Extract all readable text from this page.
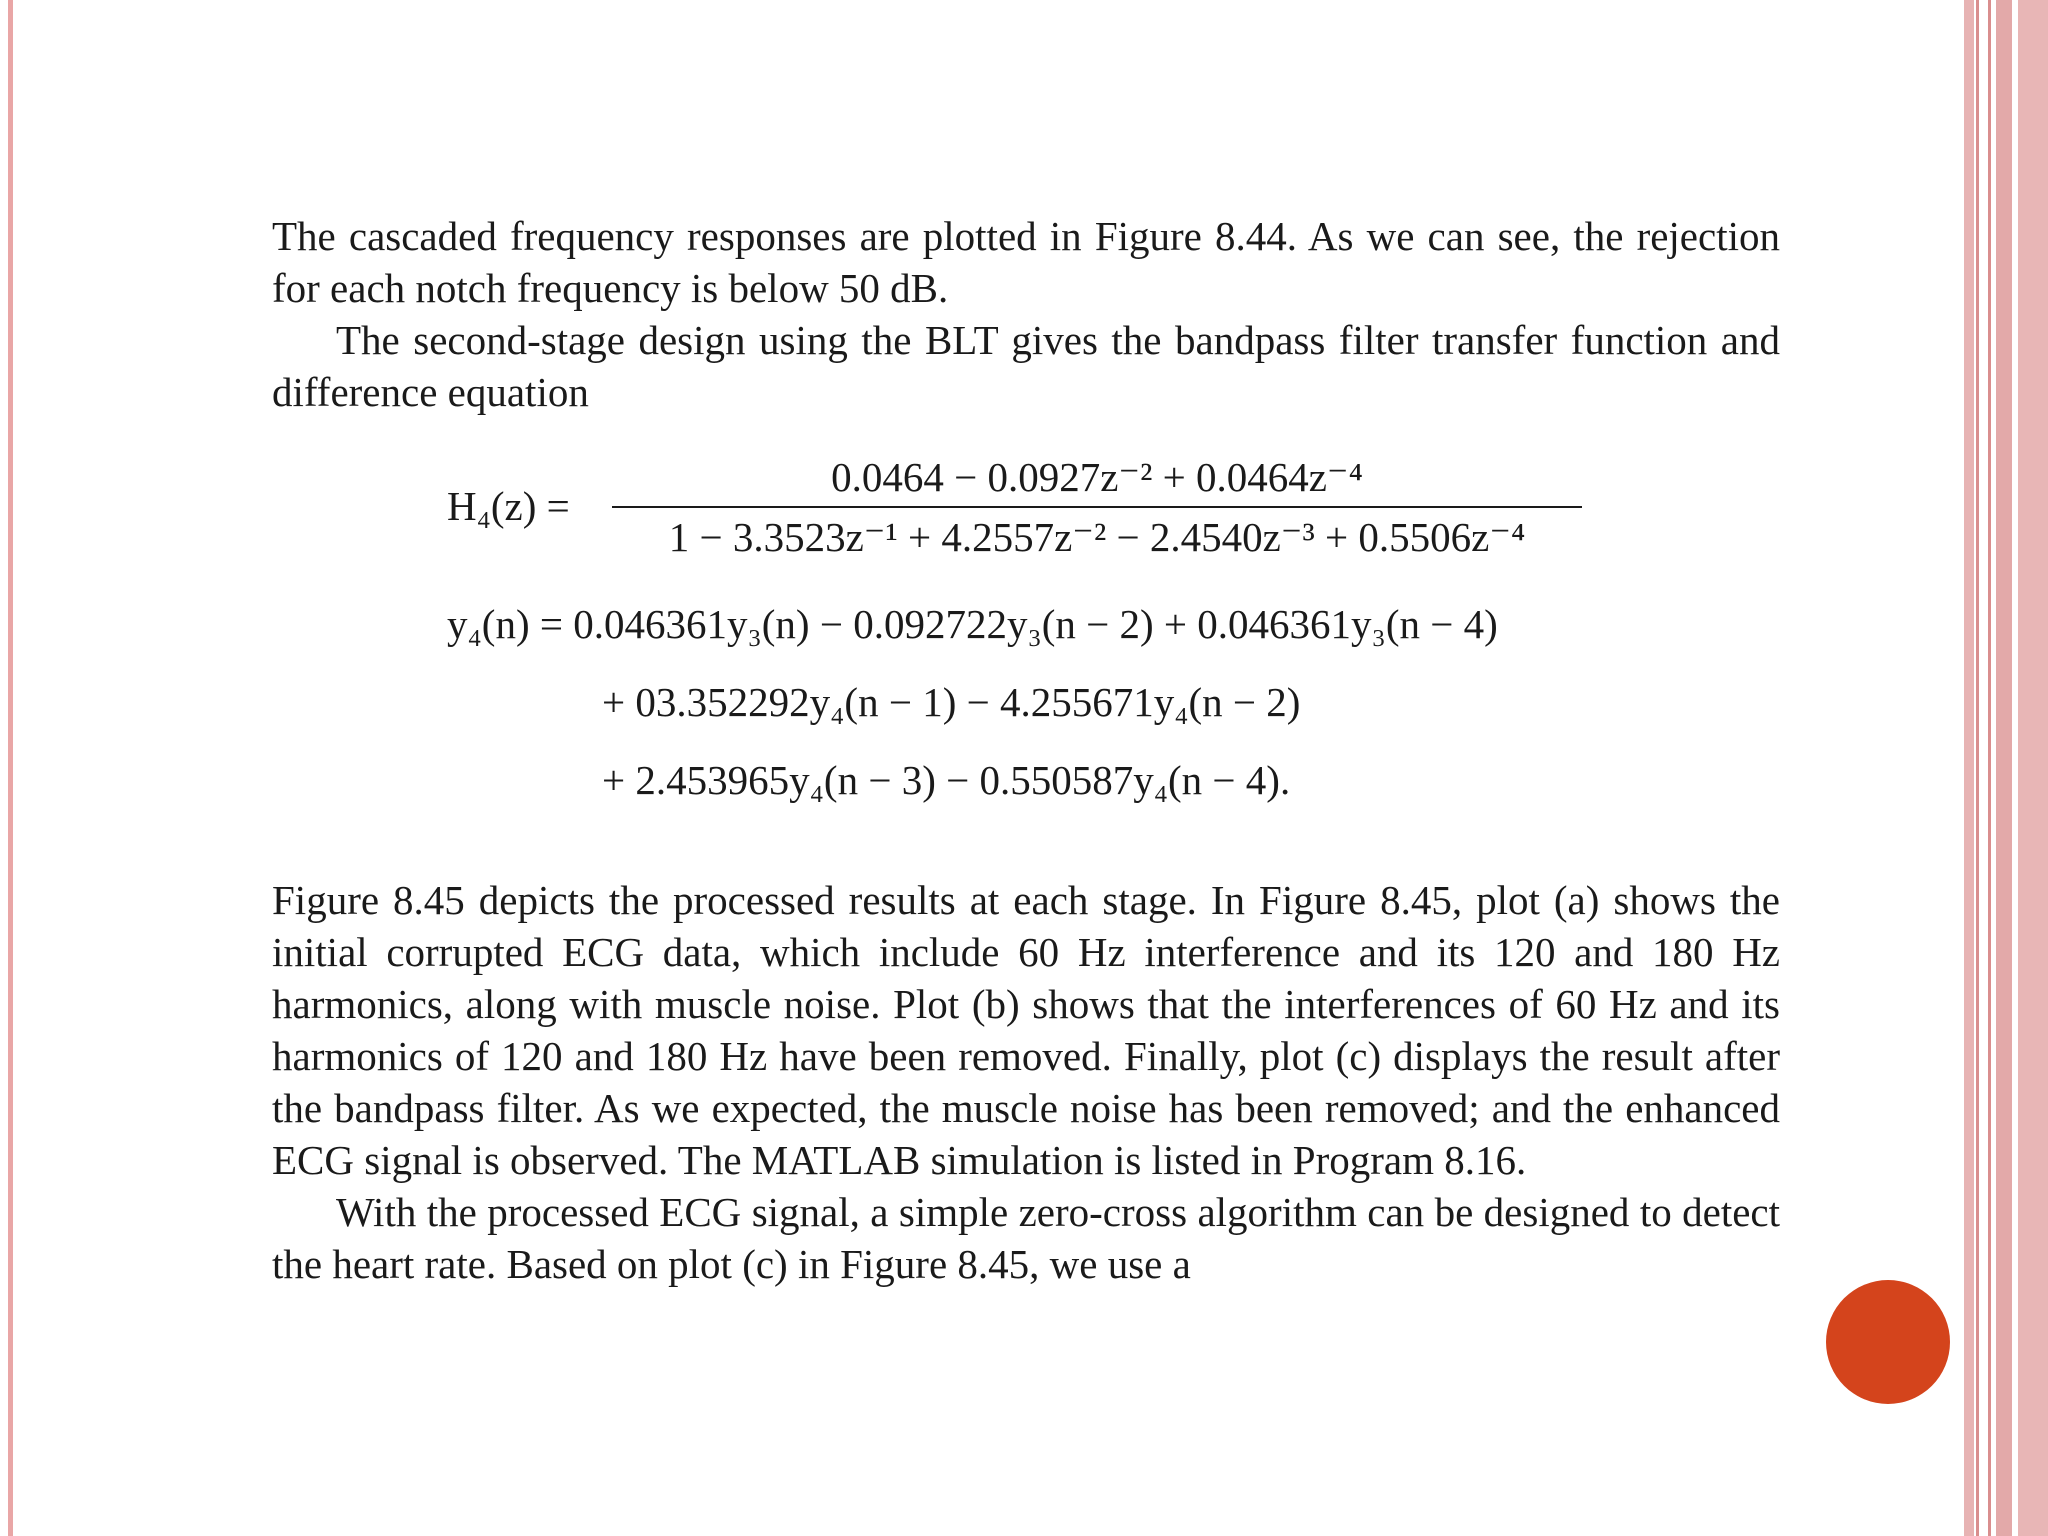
The cascaded frequency responses are plotted in Figure 8.44. As we can see, the rejection for each notch frequency is below 50 dB.

The second-stage design using the BLT gives the bandpass filter transfer function and difference equation

H₄(z) =
0.0464 − 0.0927z⁻² + 0.0464z⁻⁴
1 − 3.3523z⁻¹ + 4.2557z⁻² − 2.4540z⁻³ + 0.5506z⁻⁴
y₄(n) = 0.046361y₃(n) − 0.092722y₃(n − 2) + 0.046361y₃(n − 4)
+ 03.352292y₄(n − 1) − 4.255671y₄(n − 2)
+ 2.453965y₄(n − 3) − 0.550587y₄(n − 4).

Figure 8.45 depicts the processed results at each stage. In Figure 8.45, plot (a) shows the initial corrupted ECG data, which include 60 Hz interference and its 120 and 180 Hz harmonics, along with muscle noise. Plot (b) shows that the interferences of 60 Hz and its harmonics of 120 and 180 Hz have been removed. Finally, plot (c) displays the result after the bandpass filter. As we expected, the muscle noise has been removed; and the enhanced ECG signal is observed. The MATLAB simulation is listed in Program 8.16.

With the processed ECG signal, a simple zero-cross algorithm can be designed to detect the heart rate. Based on plot (c) in Figure 8.45, we use a
